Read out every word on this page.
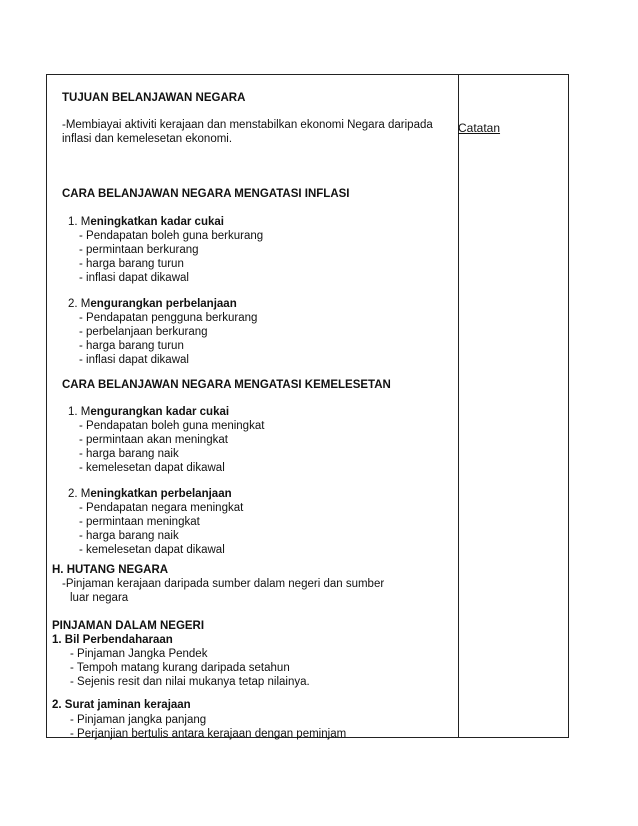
Catatan
TUJUAN BELANJAWAN NEGARA
-Membiayai aktiviti kerajaan dan menstabilkan ekonomi Negara daripada
inflasi dan kemelesetan ekonomi.
CARA BELANJAWAN NEGARA MENGATASI INFLASI
1. Meningkatkan kadar cukai
- Pendapatan boleh guna berkurang
- permintaan berkurang
- harga barang turun
- inflasi dapat dikawal
2. Mengurangkan perbelanjaan
- Pendapatan pengguna berkurang
- perbelanjaan berkurang
- harga barang turun
- inflasi dapat dikawal
CARA BELANJAWAN NEGARA MENGATASI KEMELESETAN
1. Mengurangkan kadar cukai
- Pendapatan boleh guna meningkat
- permintaan akan meningkat
- harga barang naik
- kemelesetan dapat dikawal
2. Meningkatkan perbelanjaan
- Pendapatan negara meningkat
- permintaan meningkat
- harga barang naik
- kemelesetan dapat dikawal
H. HUTANG NEGARA
-Pinjaman kerajaan daripada sumber dalam negeri dan sumber
luar negara
PINJAMAN DALAM NEGERI
1. Bil Perbendaharaan
- Pinjaman Jangka Pendek
- Tempoh matang kurang daripada setahun
- Sejenis resit dan nilai mukanya tetap nilainya.
2. Surat jaminan kerajaan
- Pinjaman jangka panjang
- Perjanjian bertulis antara kerajaan dengan peminjam
